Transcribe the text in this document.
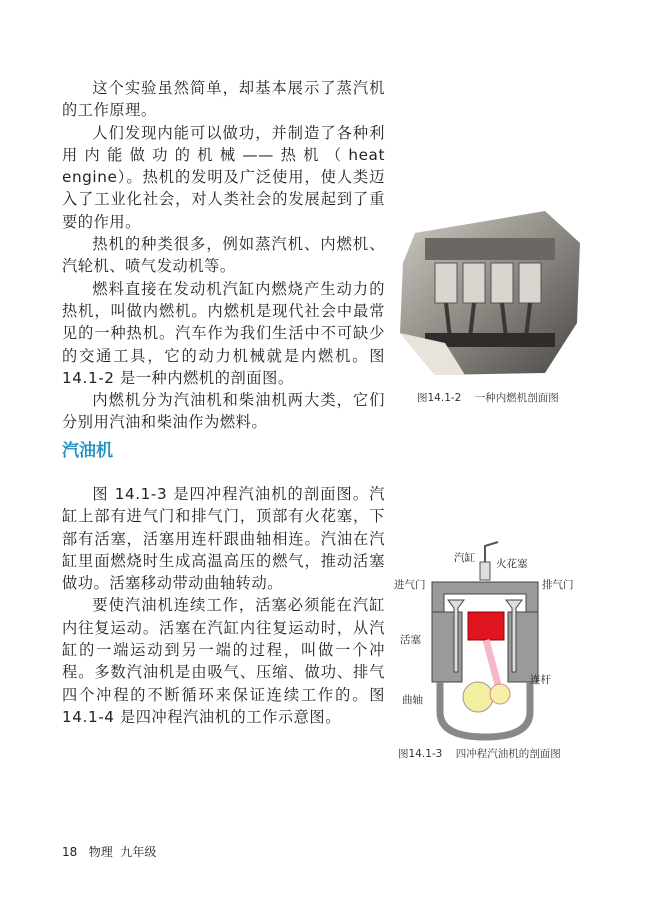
这个实验虽然简单，却基本展示了蒸汽机的工作原理。

人们发现内能可以做功，并制造了各种利用内能做功的机械——热机（heat engine）。热机的发明及广泛使用，使人类迈入了工业化社会，对人类社会的发展起到了重要的作用。

热机的种类很多，例如蒸汽机、内燃机、汽轮机、喷气发动机等。

燃料直接在发动机汽缸内燃烧产生动力的热机，叫做内燃机。内燃机是现代社会中最常见的一种热机。汽车作为我们生活中不可缺少的交通工具，它的动力机械就是内燃机。图 14.1-2 是一种内燃机的剖面图。

内燃机分为汽油机和柴油机两大类，它们分别用汽油和柴油作为燃料。

图14.1-2    一种内燃机剖面图
汽油机

图 14.1-3 是四冲程汽油机的剖面图。汽缸上部有进气门和排气门，顶部有火花塞，下部有活塞，活塞用连杆跟曲轴相连。汽油在汽缸里面燃烧时生成高温高压的燃气，推动活塞做功。活塞移动带动曲轴转动。

要使汽油机连续工作，活塞必须能在汽缸内往复运动。活塞在汽缸内往复运动时，从汽缸的一端运动到另一端的过程，叫做一个冲程。多数汽油机是由吸气、压缩、做功、排气四个冲程的不断循环来保证连续工作的。图 14.1-4 是四冲程汽油机的工作示意图。

汽缸 火花塞
进气门	排气门
活塞
连杆
曲轴
图14.1-3    四冲程汽油机的剖面图
18 物理 九年级
